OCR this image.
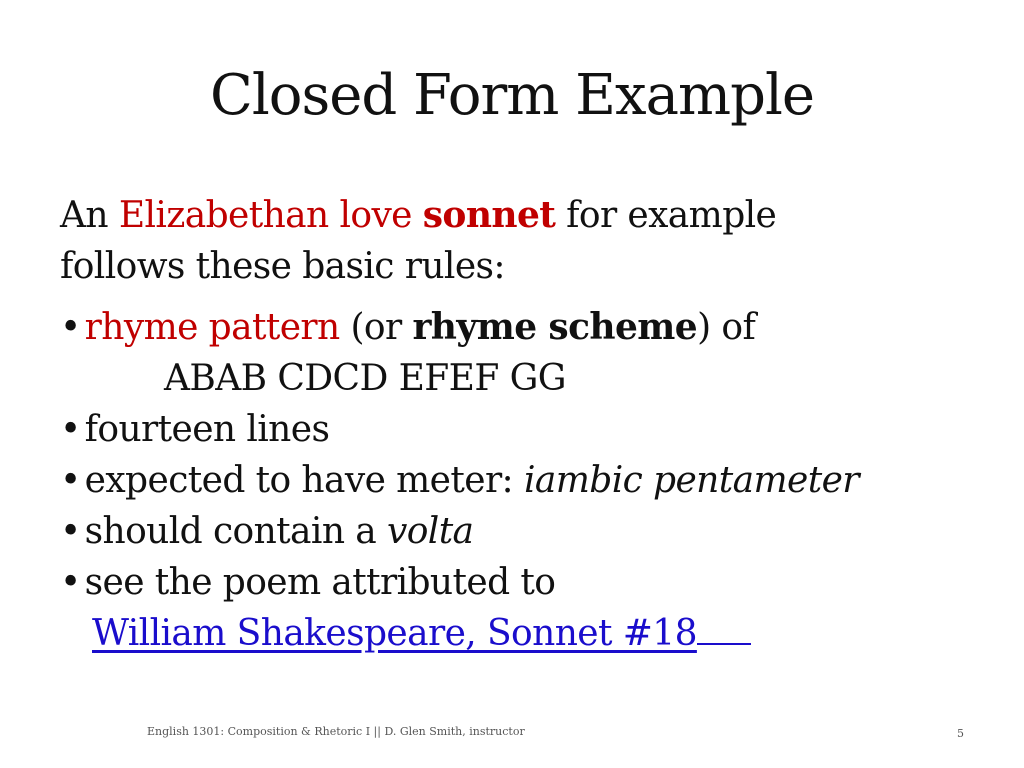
Closed Form Example
An Elizabethan love sonnet for example
follows these basic rules:
• rhyme pattern (or rhyme scheme) of
ABAB CDCD EFEF GG
• fourteen lines
• expected to have meter: iambic pentameter
• should contain a volta
• see the poem attributed to
William Shakespeare, Sonnet #18
English 1301: Composition & Rhetoric I || D. Glen Smith, instructor	5
